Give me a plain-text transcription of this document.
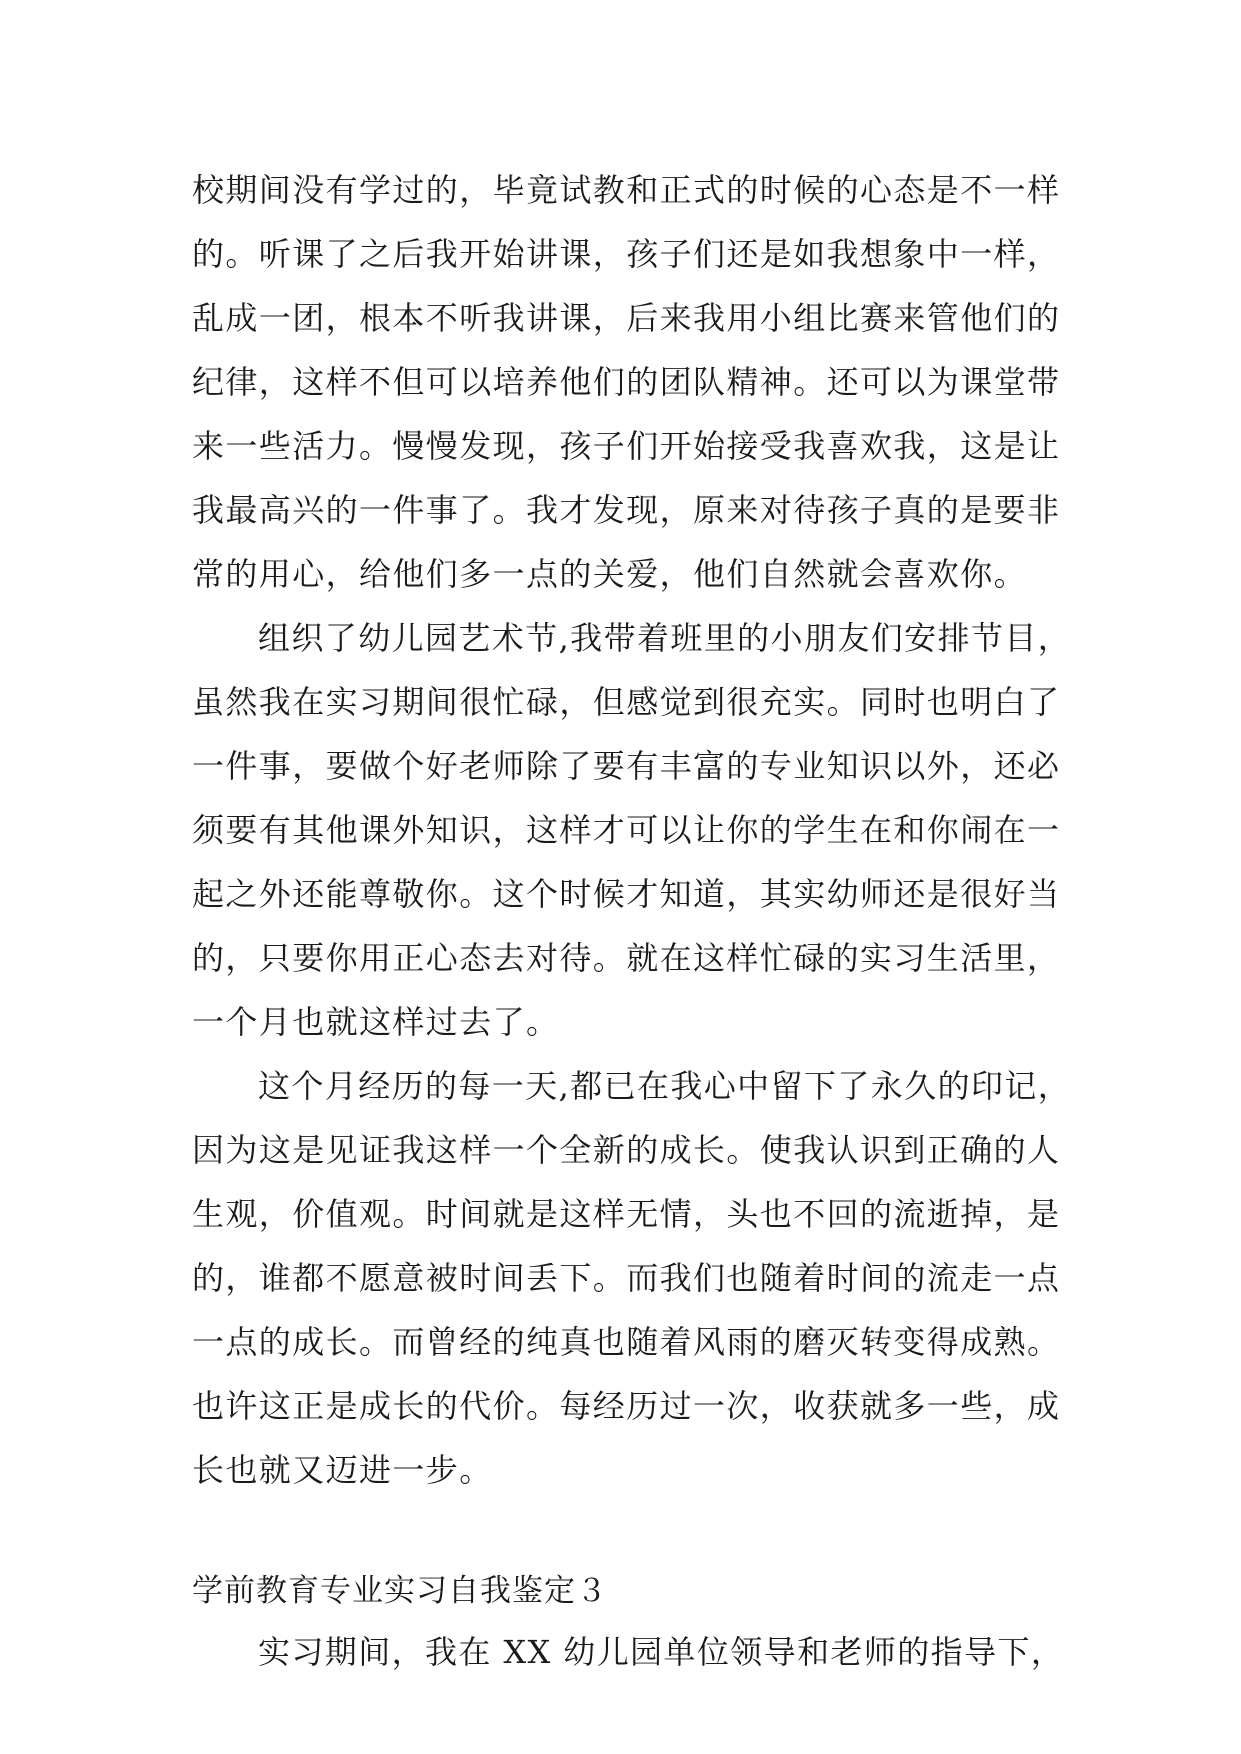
校期间没有学过的，毕竟试教和正式的时候的心态是不一样
的。听课了之后我开始讲课，孩子们还是如我想象中一样，
乱成一团，根本不听我讲课，后来我用小组比赛来管他们的
纪律，这样不但可以培养他们的团队精神。还可以为课堂带
来一些活力。慢慢发现，孩子们开始接受我喜欢我，这是让
我最高兴的一件事了。我才发现，原来对待孩子真的是要非
常的用心，给他们多一点的关爱，他们自然就会喜欢你。
组织了幼儿园艺术节,我带着班里的小朋友们安排节目，
虽然我在实习期间很忙碌，但感觉到很充实。同时也明白了
一件事，要做个好老师除了要有丰富的专业知识以外，还必
须要有其他课外知识，这样才可以让你的学生在和你闹在一
起之外还能尊敬你。这个时候才知道，其实幼师还是很好当
的，只要你用正心态去对待。就在这样忙碌的实习生活里，
一个月也就这样过去了。
这个月经历的每一天,都已在我心中留下了永久的印记，
因为这是见证我这样一个全新的成长。使我认识到正确的人
生观，价值观。时间就是这样无情，头也不回的流逝掉，是
的，谁都不愿意被时间丢下。而我们也随着时间的流走一点
一点的成长。而曾经的纯真也随着风雨的磨灭转变得成熟。
也许这正是成长的代价。每经历过一次，收获就多一些，成
长也就又迈进一步。
学前教育专业实习自我鉴定３
实习期间，我在 XX 幼儿园单位领导和老师的指导下，
